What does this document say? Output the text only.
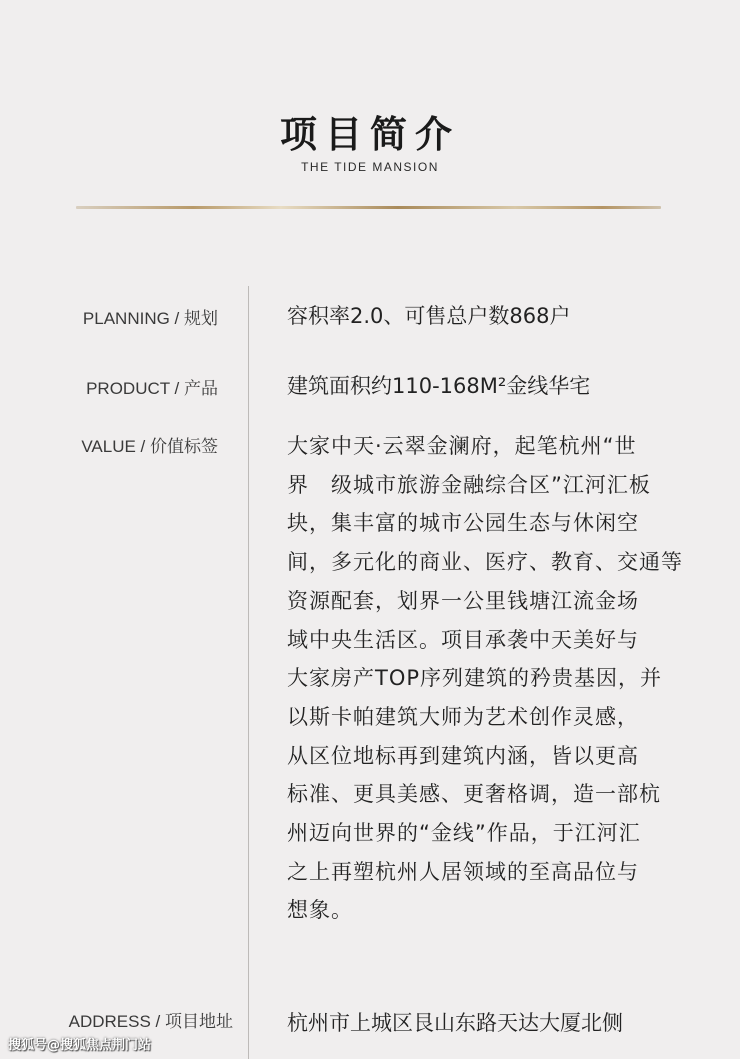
项目简介
THE TIDE MANSION
PLANNING / 规划	容积率2.0、可售总户数868户
PRODUCT / 产品	建筑面积约110-168M²金线华宅
VALUE / 价值标签	大家中天·云翠金澜府，起笔杭州“世
界　级城市旅游金融综合区”江河汇板
块，集丰富的城市公园生态与休闲空
间，多元化的商业、医疗、教育、交通等
资源配套，划界一公里钱塘江流金场
域中央生活区。项目承袭中天美好与
大家房产TOP序列建筑的矜贵基因，并
以斯卡帕建筑大师为艺术创作灵感，
从区位地标再到建筑内涵，皆以更高
标准、更具美感、更奢格调，造一部杭
州迈向世界的“金线”作品，于江河汇
之上再塑杭州人居领域的至高品位与
想象。
ADDRESS / 项目地址	杭州市上城区艮山东路天达大厦北侧
搜狐号@搜狐焦点荆门站
